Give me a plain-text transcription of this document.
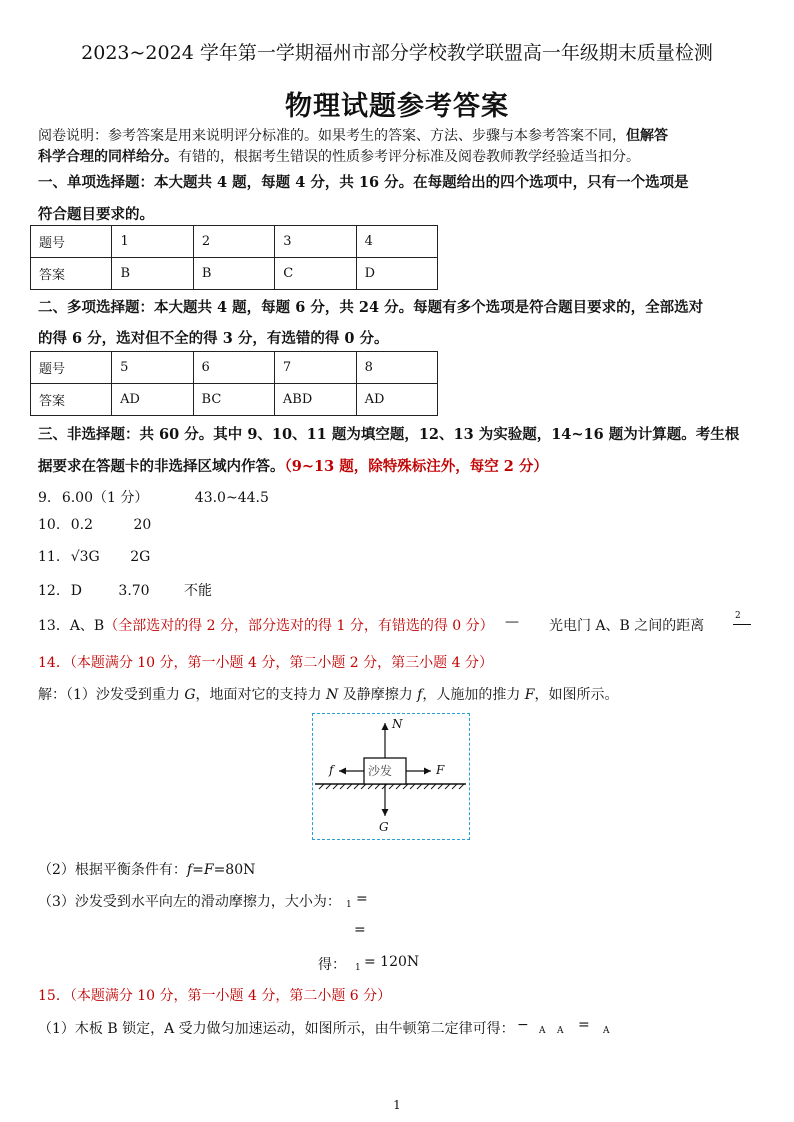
2023~2024 学年第一学期福州市部分学校教学联盟高一年级期末质量检测
物理试题参考答案
阅卷说明：参考答案是用来说明评分标准的。如果考生的答案、方法、步骤与本参考答案不同，但解答
科学合理的同样给分。有错的，根据考生错误的性质参考评分标准及阅卷教师教学经验适当扣分。
一、单项选择题：本大题共 4 题，每题 4 分，共 16 分。在每题给出的四个选项中，只有一个选项是
符合题目要求的。
题号	1	2	3	4
答案	B	B	C	D
二、多项选择题：本大题共 4 题，每题 6 分，共 24 分。每题有多个选项是符合题目要求的，全部选对
的得 6 分，选对但不全的得 3 分，有选错的得 0 分。
题号	5	6	7	8
答案	AD	BC	ABD	AD
三、非选择题：共 60 分。其中 9、10、11 题为填空题，12、13 为实验题，14~16 题为计算题。考生根
据要求在答题卡的非选择区域内作答。（9~13 题，除特殊标注外，每空 2 分）
9. 6.00（1 分）	43.0~44.5
10. 0.2	20
11. √3G 2G
12. D	3.70 不能
13．A、B（全部选对的得 2 分，部分选对的得 1 分，有错选的得 0 分） — 光电门 A、B 之间的距离
2
14．（本题满分 10 分，第一小题 4 分，第二小题 2 分，第三小题 4 分）
解：（1）沙发受到重力 G，地面对它的支持力 N 及静摩擦力 f，人施加的推力 F，如图所示。
沙发
N
G
f	F
（2）根据平衡条件有：f=F=80N
（3）沙发受到水平向左的滑动摩擦力，大小为： 1 =
=
得： 1 = 120N
15．（本题满分 10 分，第一小题 4 分，第二小题 6 分）
（1）木板 B 锁定，A 受力做匀加速运动，如图所示，由牛顿第二定律可得： − A A = A
1
